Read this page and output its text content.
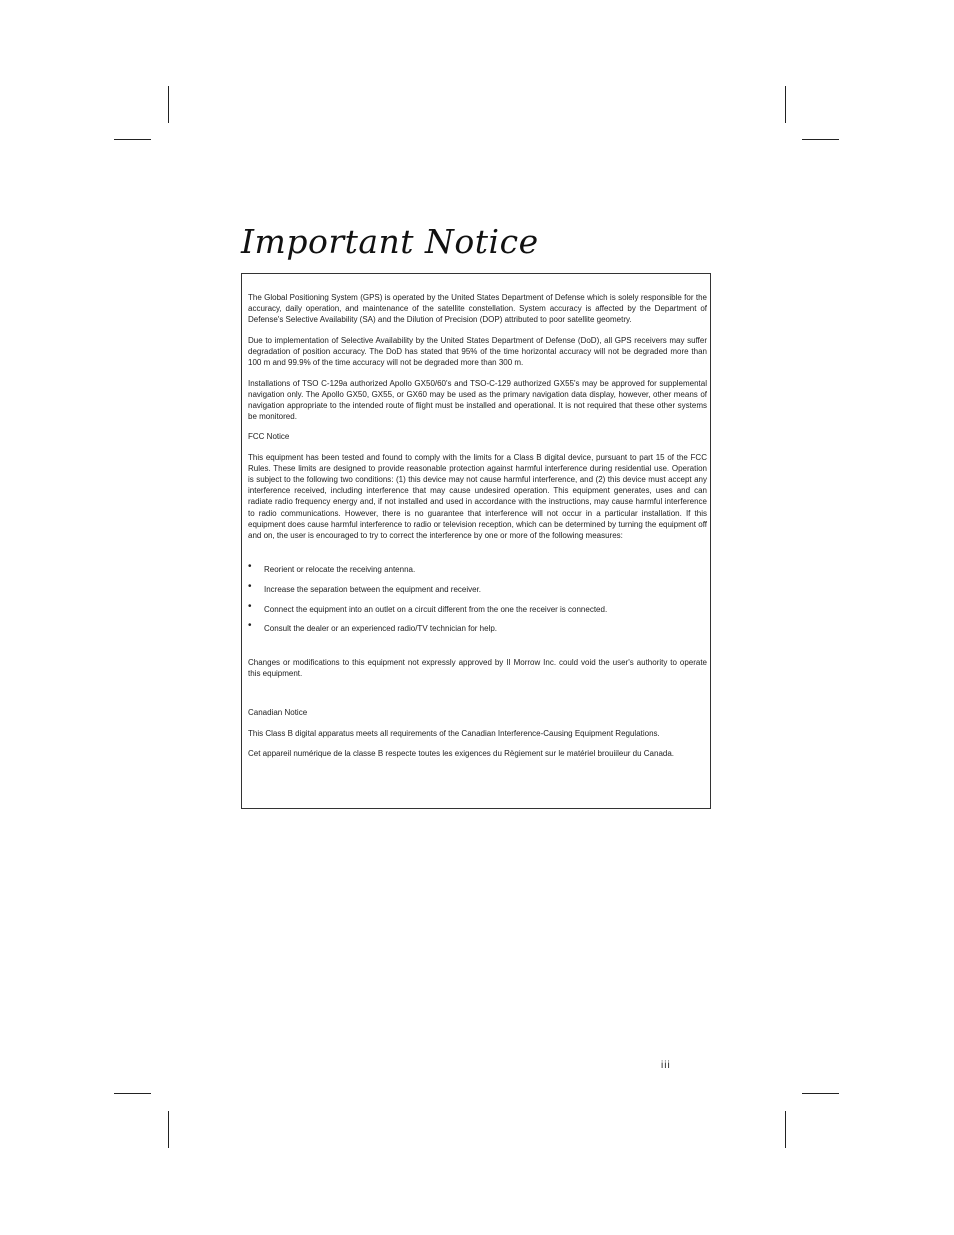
Important Notice

The Global Positioning System (GPS) is operated by the United States Department of Defense which is solely responsible for the accuracy, daily operation, and maintenance of the satellite constellation. System accuracy is affected by the Department of Defense's Selective Availability (SA) and the Dilution of Precision (DOP) attributed to poor satellite geometry.

Due to implementation of Selective Availability by the United States Department of Defense (DoD), all GPS receivers may suffer degradation of position accuracy. The DoD has stated that 95% of the time horizontal accuracy will not be degraded more than 100 m and 99.9% of the time accuracy will not be degraded more than 300 m.

Installations of TSO C-129a authorized Apollo GX50/60's and TSO-C-129 authorized GX55's may be approved for supplemental navigation only. The Apollo GX50, GX55, or GX60 may be used as the primary navigation data display, however, other means of navigation appropriate to the intended route of flight must be installed and operational. It is not required that these other systems be monitored.

FCC Notice

This equipment has been tested and found to comply with the limits for a Class B digital device, pursuant to part 15 of the FCC Rules. These limits are designed to provide reasonable protection against harmful interference during residential use. Operation is subject to the following two conditions: (1) this device may not cause harmful interference, and (2) this device must accept any interference received, including interference that may cause undesired operation. This equipment generates, uses and can radiate radio frequency energy and, if not installed and used in accordance with the instructions, may cause harmful interference to radio communications. However, there is no guarantee that interference will not occur in a particular installation. If this equipment does cause harmful interference to radio or television reception, which can be determined by turning the equipment off and on, the user is encouraged to try to correct the interference by one or more of the following measures:

• Reorient or relocate the receiving antenna.
• Increase the separation between the equipment and receiver.
• Connect the equipment into an outlet on a circuit different from the one the receiver is connected.
• Consult the dealer or an experienced radio/TV technician for help.

Changes or modifications to this equipment not expressly approved by II Morrow Inc. could void the user's authority to operate this equipment.

Canadian Notice

This Class B digital apparatus meets all requirements of the Canadian Interference-Causing Equipment Regulations.

Cet appareil numérique de la classe B respecte toutes les exigences du Règiement sur le matériel brouiileur du Canada.

iii
